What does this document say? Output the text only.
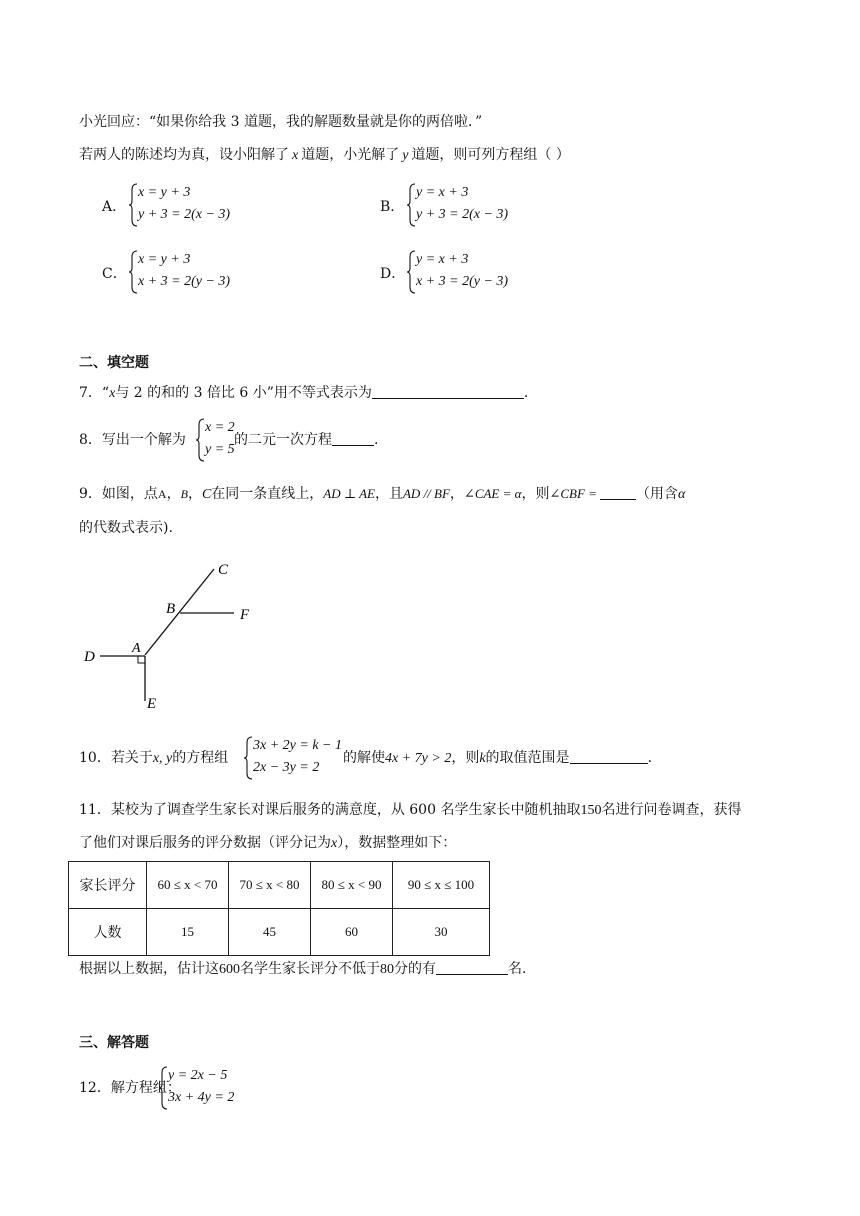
小光回应：“如果你给我 3 道题，我的解题数量就是你的两倍啦．”
若两人的陈述均为真，设小阳解了 x 道题，小光解了 y 道题，则可列方程组（ ）
A．
x = y + 3
y + 3 = 2(x − 3)	B．
y = x + 3
y + 3 = 2(x − 3)
C．
x = y + 3
x + 3 = 2(y − 3)	D．
y = x + 3
x + 3 = 2(y − 3)
二、填空题
7．“x与 2 的和的 3 倍比 6 小”用不等式表示为	.
8．写出一个解为
x = 2
y = 5
的二元一次方程	.
9．如图，点A，B，C在同一条直线上，AD ⊥ AE，且AD // BF，∠CAE = α，则∠CBF =	（用含α
的代数式表示).
C
B	F
D
A
E
10．若关于x, y的方程组
3x + 2y = k − 1
2x − 3y = 2
的解使4x + 7y > 2，则k的取值范围是	.
11．某校为了调查学生家长对课后服务的满意度，从 600 名学生家长中随机抽取150名进行问卷调查，获得
了他们对课后服务的评分数据（评分记为x），数据整理如下：
家长评分	60 ≤ x < 70	70 ≤ x < 80	80 ≤ x < 90	90 ≤ x ≤ 100
人数	15	45	60	30
根据以上数据，估计这600名学生家长评分不低于80分的有	名.
三、解答题
12．解方程组：
y = 2x − 5
3x + 4y = 2
